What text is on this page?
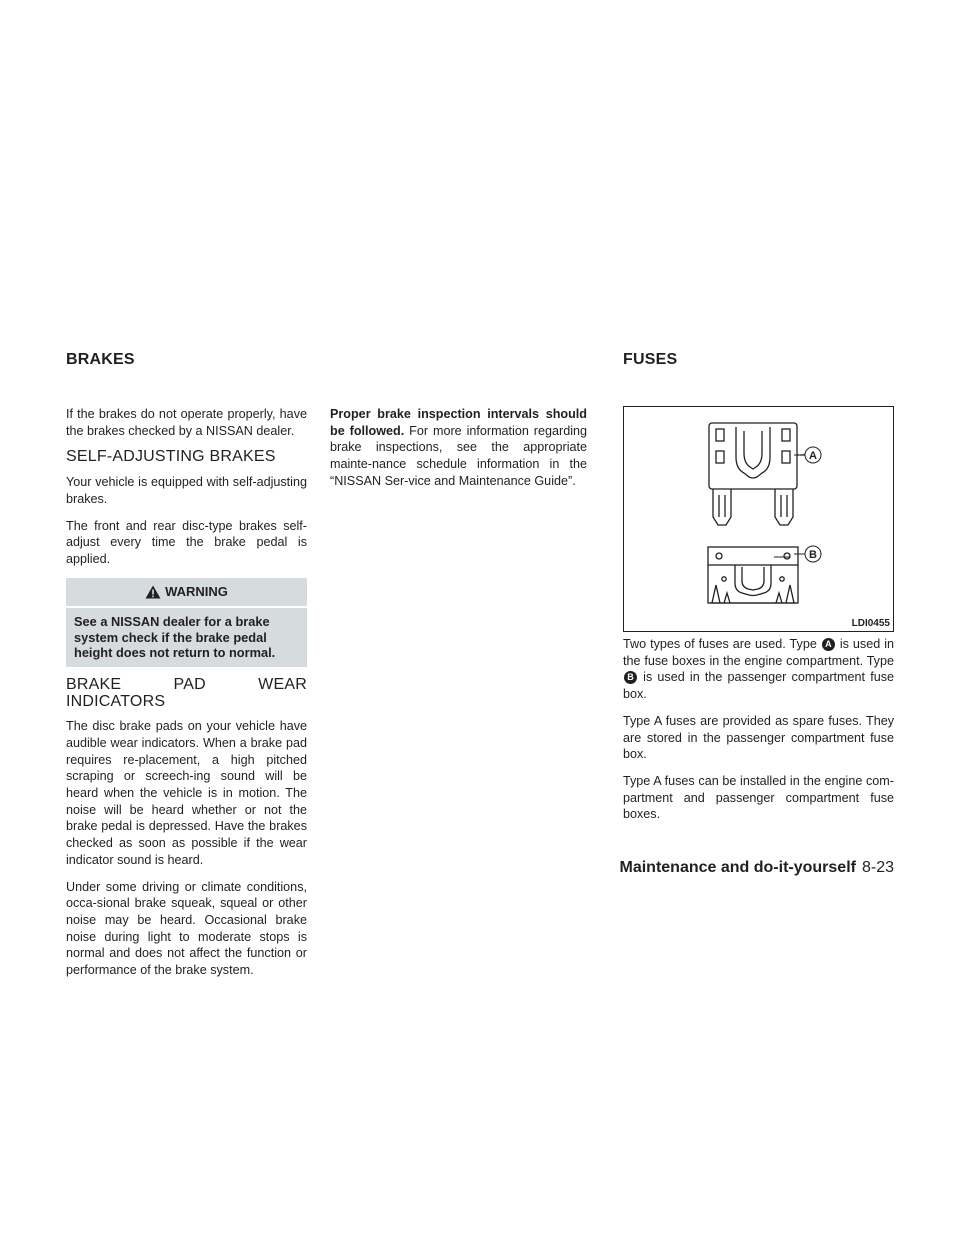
BRAKES	FUSES

If the brakes do not operate properly, have the brakes checked by a NISSAN dealer.

SELF-ADJUSTING BRAKES

Your vehicle is equipped with self-adjusting brakes.

The front and rear disc-type brakes self-adjust every time the brake pedal is applied.

WARNING
See a NISSAN dealer for a brake system check if the brake pedal height does not return to normal.
BRAKE PAD WEAR INDICATORS

The disc brake pads on your vehicle have audible wear indicators. When a brake pad requires re-placement, a high pitched scraping or screech-ing sound will be heard when the vehicle is in motion. The noise will be heard whether or not the brake pedal is depressed. Have the brakes checked as soon as possible if the wear indicator sound is heard.

Under some driving or climate conditions, occa-sional brake squeak, squeal or other noise may be heard. Occasional brake noise during light to moderate stops is normal and does not affect the function or performance of the brake system.

Proper brake inspection intervals should be followed. For more information regarding brake inspections, see the appropriate mainte-nance schedule information in the “NISSAN Ser-vice and Maintenance Guide”.

A
B
LDI0455

Two types of fuses are used. Type A is used in the fuse boxes in the engine compartment. Type B is used in the passenger compartment fuse box.

Type A fuses are provided as spare fuses. They are stored in the passenger compartment fuse box.

Type A fuses can be installed in the engine com-partment and passenger compartment fuse boxes.

Maintenance and do-it-yourself 8-23
